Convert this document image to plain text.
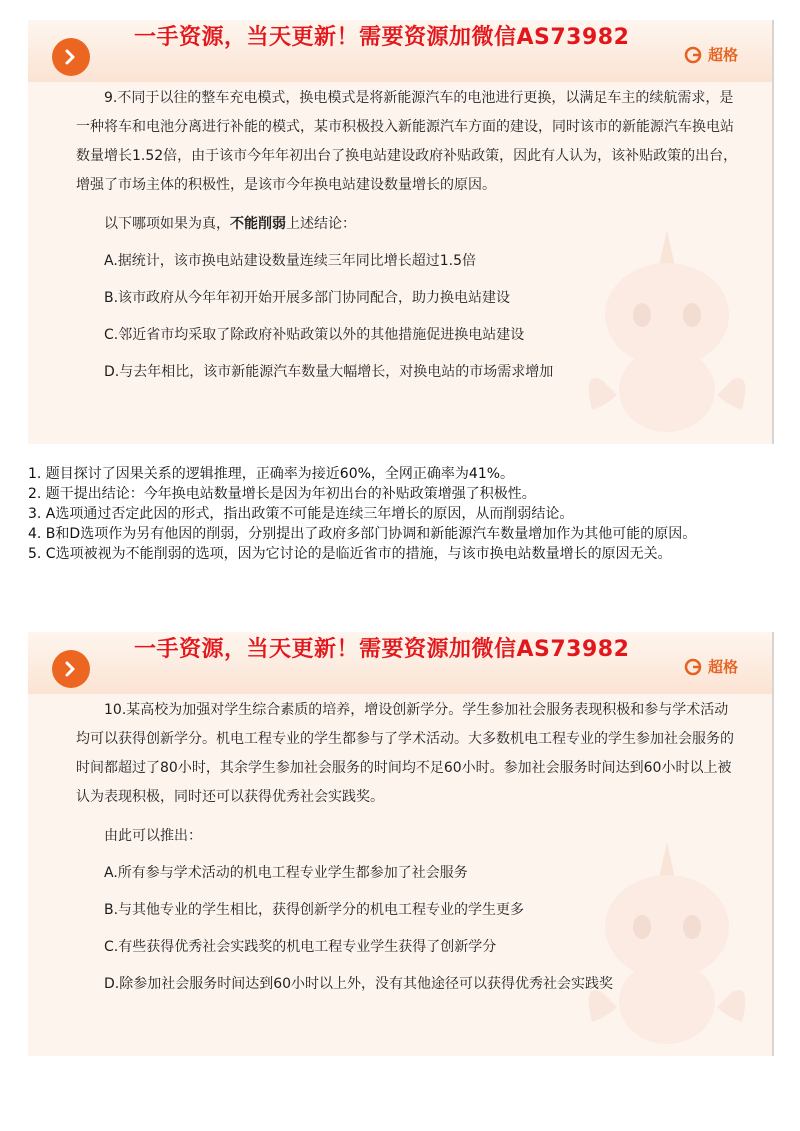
一手资源，当天更新！需要资源加微信AS73982
超格

9.不同于以往的整车充电模式，换电模式是将新能源汽车的电池进行更换，以满足车主的续航需求，是一种将车和电池分离进行补能的模式，某市积极投入新能源汽车方面的建设，同时该市的新能源汽车换电站数量增长1.52倍，由于该市今年年初出台了换电站建设政府补贴政策，因此有人认为，该补贴政策的出台，增强了市场主体的积极性，是该市今年换电站建设数量增长的原因。

以下哪项如果为真，不能削弱上述结论：

A.据统计，该市换电站建设数量连续三年同比增长超过1.5倍

B.该市政府从今年年初开始开展多部门协同配合，助力换电站建设

C.邻近省市均采取了除政府补贴政策以外的其他措施促进换电站建设

D.与去年相比，该市新能源汽车数量大幅增长，对换电站的市场需求增加

1. 题目探讨了因果关系的逻辑推理，正确率为接近60%，全网正确率为41%。

2. 题干提出结论：今年换电站数量增长是因为年初出台的补贴政策增强了积极性。

3. A选项通过否定此因的形式，指出政策不可能是连续三年增长的原因，从而削弱结论。

4. B和D选项作为另有他因的削弱，分别提出了政府多部门协调和新能源汽车数量增加作为其他可能的原因。

5. C选项被视为不能削弱的选项，因为它讨论的是临近省市的措施，与该市换电站数量增长的原因无关。

一手资源，当天更新！需要资源加微信AS73982
超格

10.某高校为加强对学生综合素质的培养，增设创新学分。学生参加社会服务表现积极和参与学术活动均可以获得创新学分。机电工程专业的学生都参与了学术活动。大多数机电工程专业的学生参加社会服务的时间都超过了80小时，其余学生参加社会服务的时间均不足60小时。参加社会服务时间达到60小时以上被认为表现积极，同时还可以获得优秀社会实践奖。

由此可以推出：

A.所有参与学术活动的机电工程专业学生都参加了社会服务

B.与其他专业的学生相比，获得创新学分的机电工程专业的学生更多

C.有些获得优秀社会实践奖的机电工程专业学生获得了创新学分

D.除参加社会服务时间达到60小时以上外，没有其他途径可以获得优秀社会实践奖
